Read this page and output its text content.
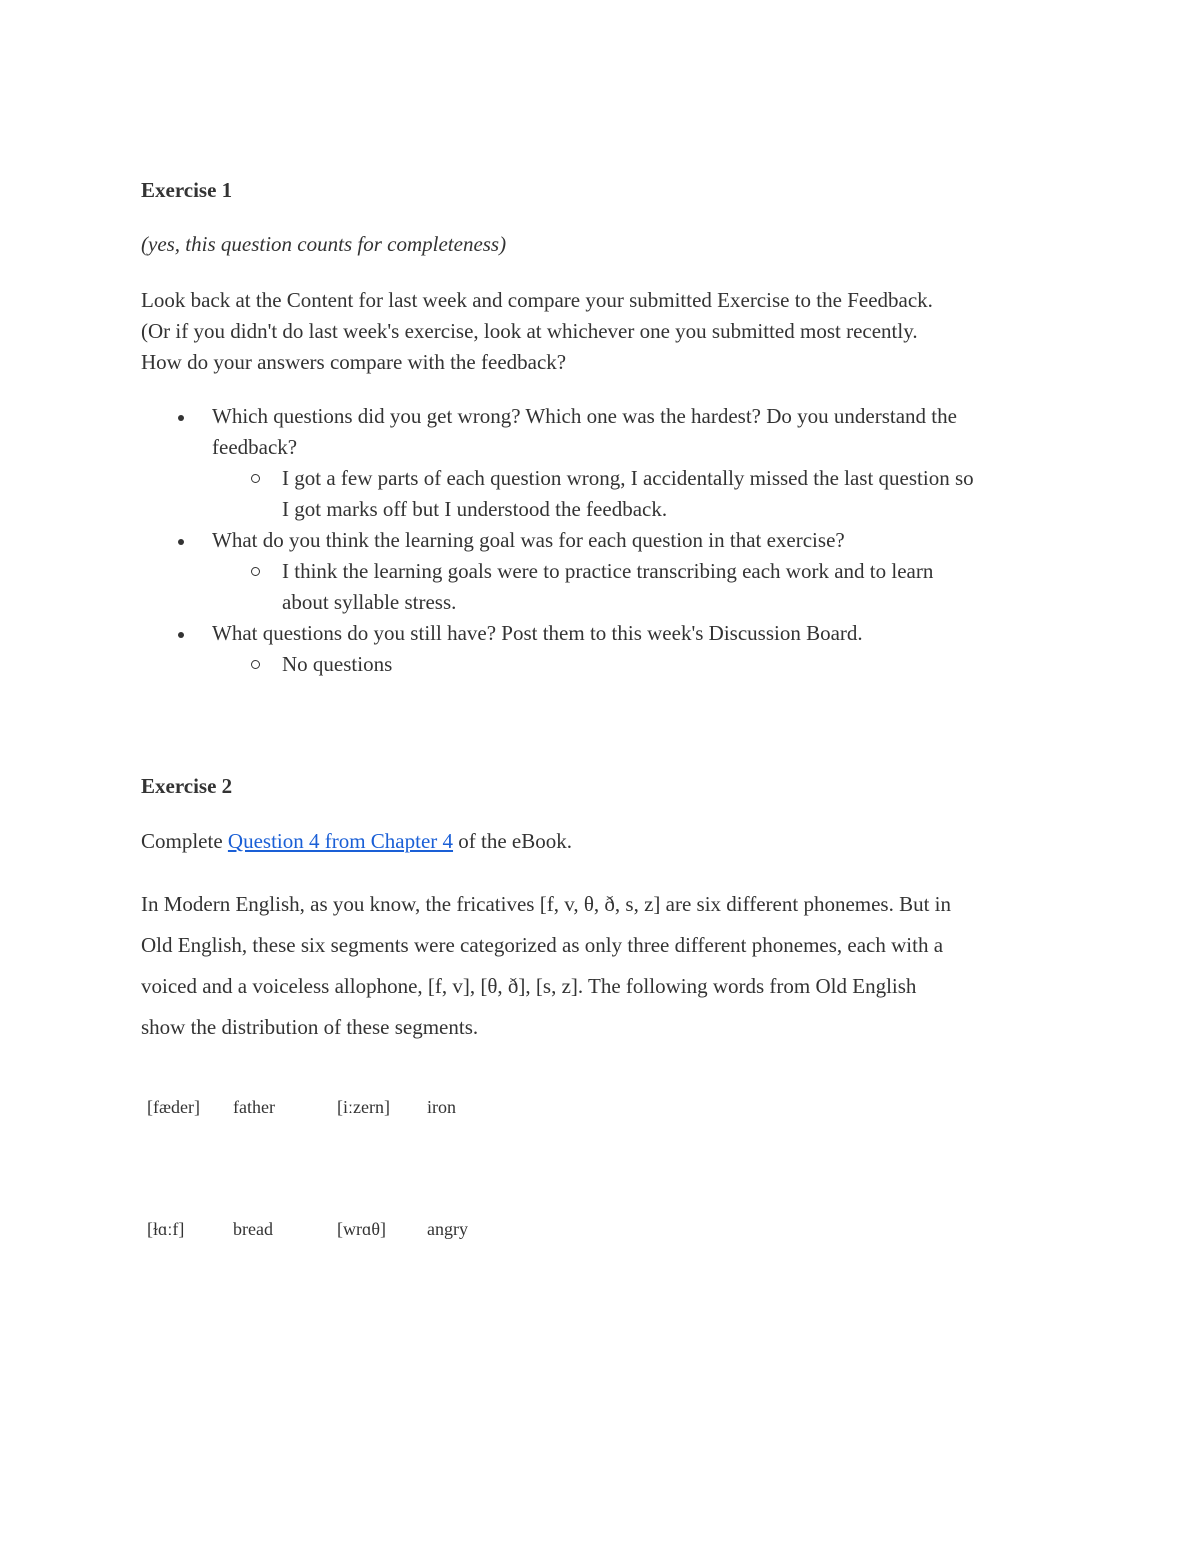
Exercise 1
(yes, this question counts for completeness)
Look back at the Content for last week and compare your submitted Exercise to the Feedback.
(Or if you didn't do last week's exercise, look at whichever one you submitted most recently.
How do your answers compare with the feedback?
Which questions did you get wrong? Which one was the hardest? Do you understand the
feedback?
I got a few parts of each question wrong, I accidentally missed the last question so
I got marks off but I understood the feedback.
What do you think the learning goal was for each question in that exercise?
I think the learning goals were to practice transcribing each work and to learn
about syllable stress.
What questions do you still have? Post them to this week's Discussion Board.
No questions
Exercise 2
Complete Question 4 from Chapter 4 of the eBook.
In Modern English, as you know, the fricatives [f, v, θ, ð, s, z] are six different phonemes. But in
Old English, these six segments were categorized as only three different phonemes, each with a
voiced and a voiceless allophone, [f, v], [θ, ð], [s, z]. The following words from Old English
show the distribution of these segments.
[fæder] father	[iːzern] iron
[ɫɑːf]	bread	[wrɑθ] angry
